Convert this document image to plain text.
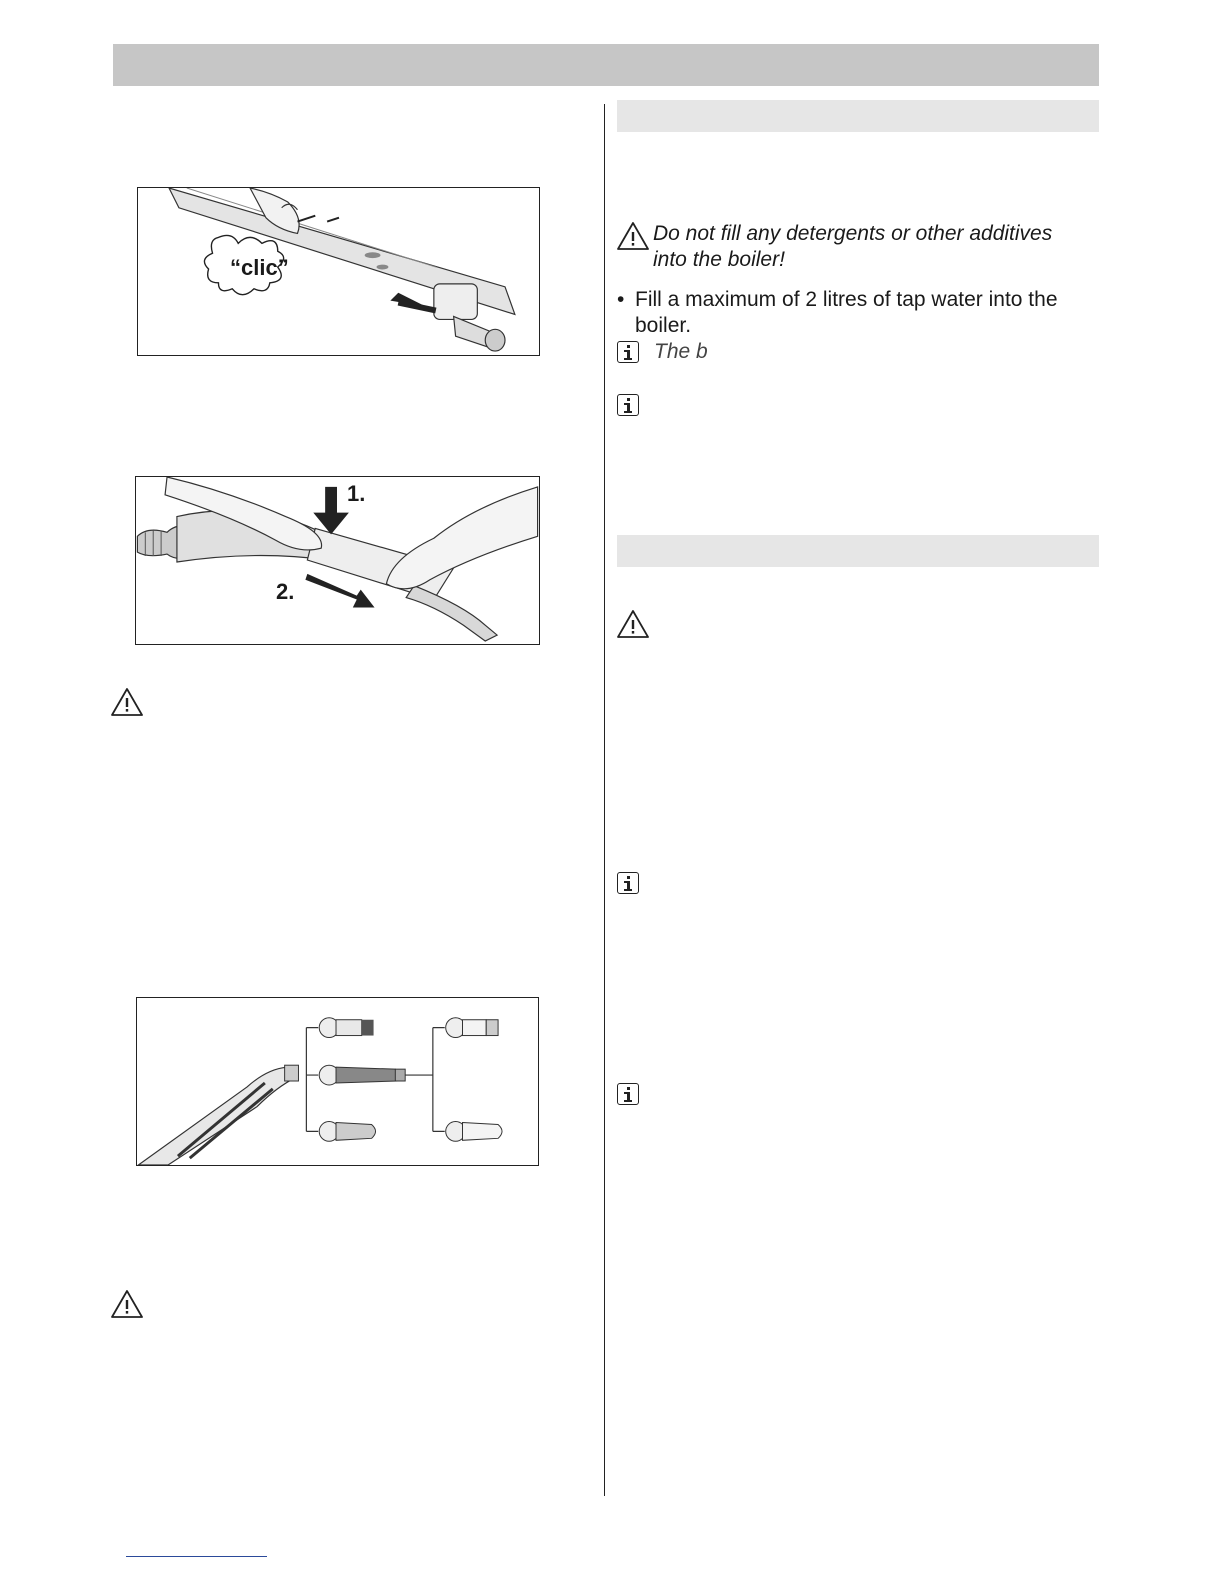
“clic”
1.
2.
Do not fill any detergents or other additives
into the boiler!
• Fill a maximum of 2 litres of tap water into the
boiler.
The b
